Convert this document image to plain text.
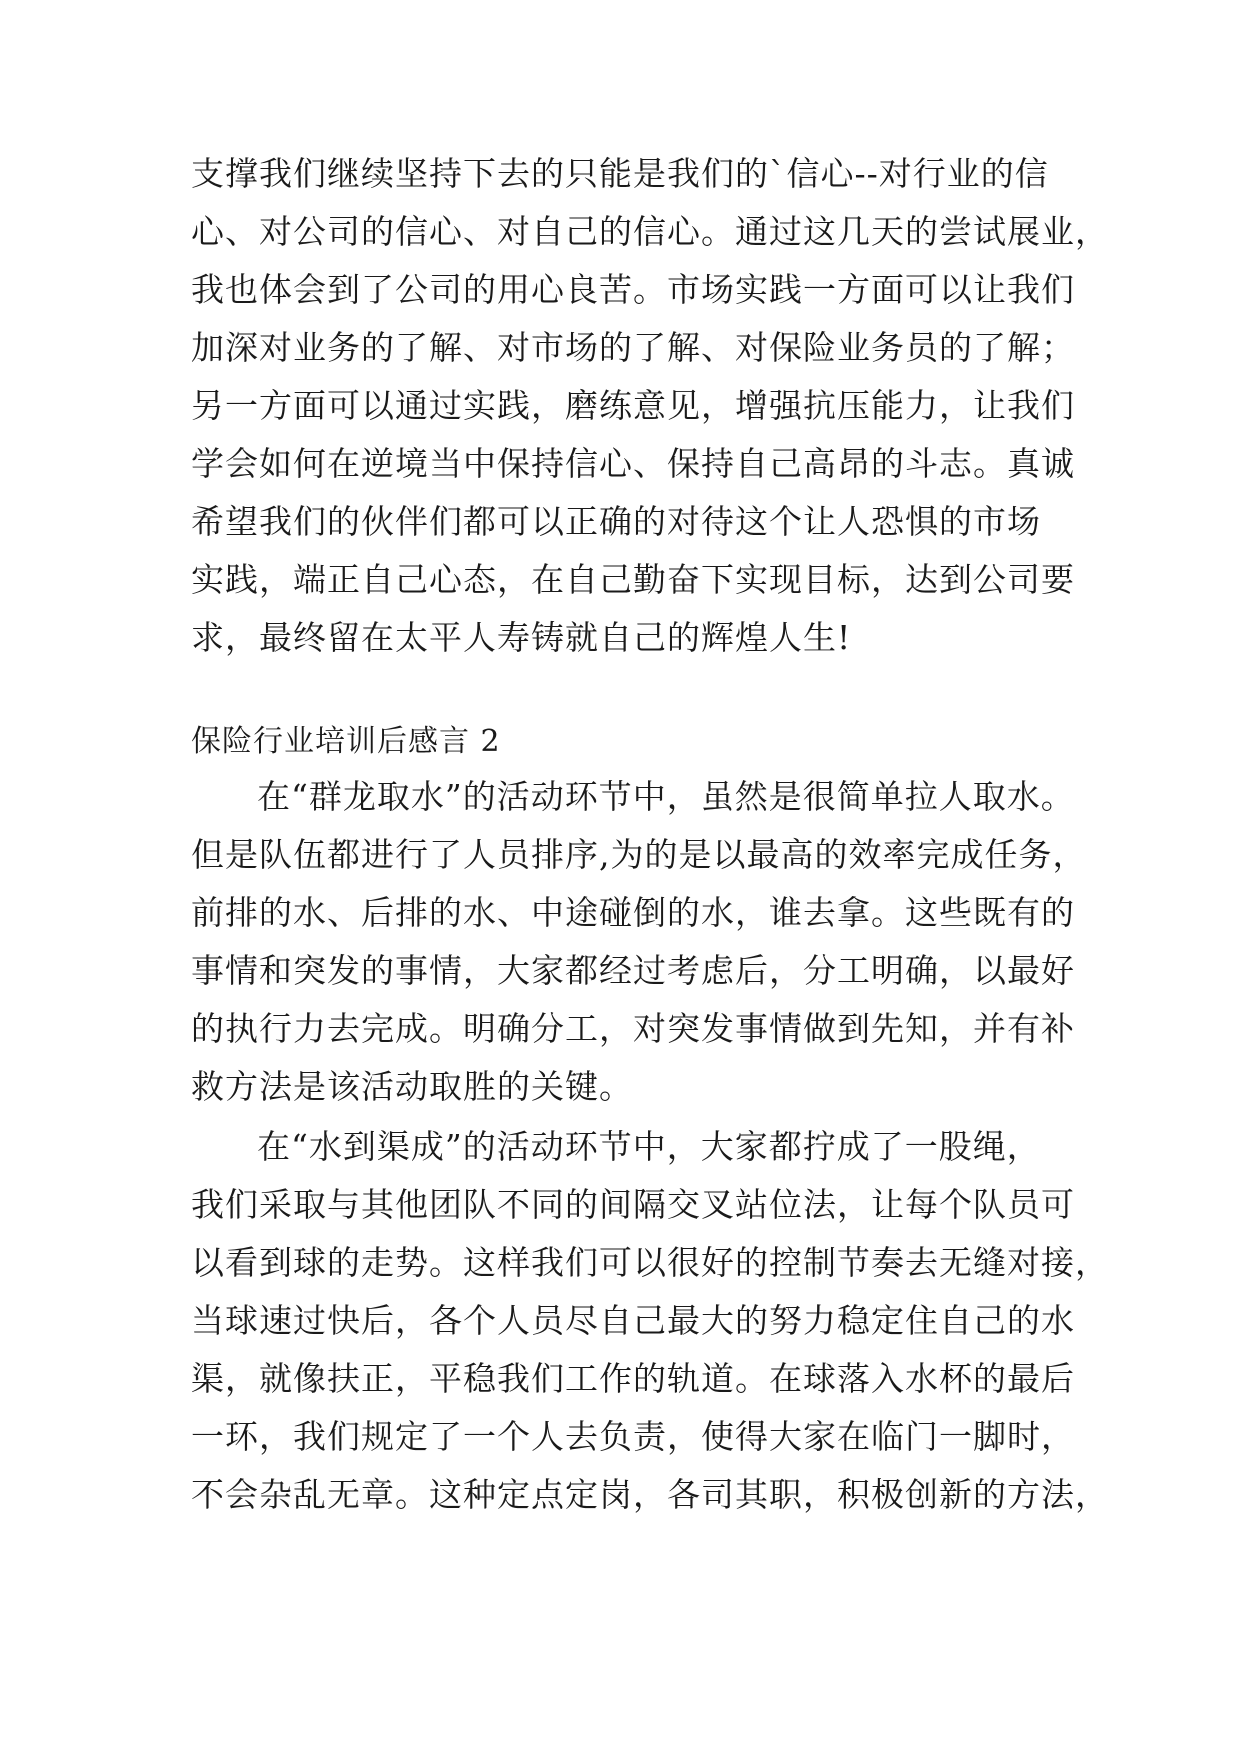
支撑我们继续坚持下去的只能是我们的`信心--对行业的信
心、对公司的信心、对自己的信心。通过这几天的尝试展业，
我也体会到了公司的用心良苦。市场实践一方面可以让我们
加深对业务的了解、对市场的了解、对保险业务员的了解；
另一方面可以通过实践，磨练意见，增强抗压能力，让我们
学会如何在逆境当中保持信心、保持自己高昂的斗志。真诚
希望我们的伙伴们都可以正确的对待这个让人恐惧的市场
实践，端正自己心态，在自己勤奋下实现目标，达到公司要
求，最终留在太平人寿铸就自己的辉煌人生!
保险行业培训后感言 2
在“群龙取水”的活动环节中，虽然是很简单拉人取水。
但是队伍都进行了人员排序,为的是以最高的效率完成任务，
前排的水、后排的水、中途碰倒的水，谁去拿。这些既有的
事情和突发的事情，大家都经过考虑后，分工明确，以最好
的执行力去完成。明确分工，对突发事情做到先知，并有补
救方法是该活动取胜的关键。
在“水到渠成”的活动环节中，大家都拧成了一股绳，
我们采取与其他团队不同的间隔交叉站位法，让每个队员可
以看到球的走势。这样我们可以很好的控制节奏去无缝对接，
当球速过快后，各个人员尽自己最大的努力稳定住自己的水
渠，就像扶正，平稳我们工作的轨道。在球落入水杯的最后
一环，我们规定了一个人去负责，使得大家在临门一脚时，
不会杂乱无章。这种定点定岗，各司其职，积极创新的方法，
